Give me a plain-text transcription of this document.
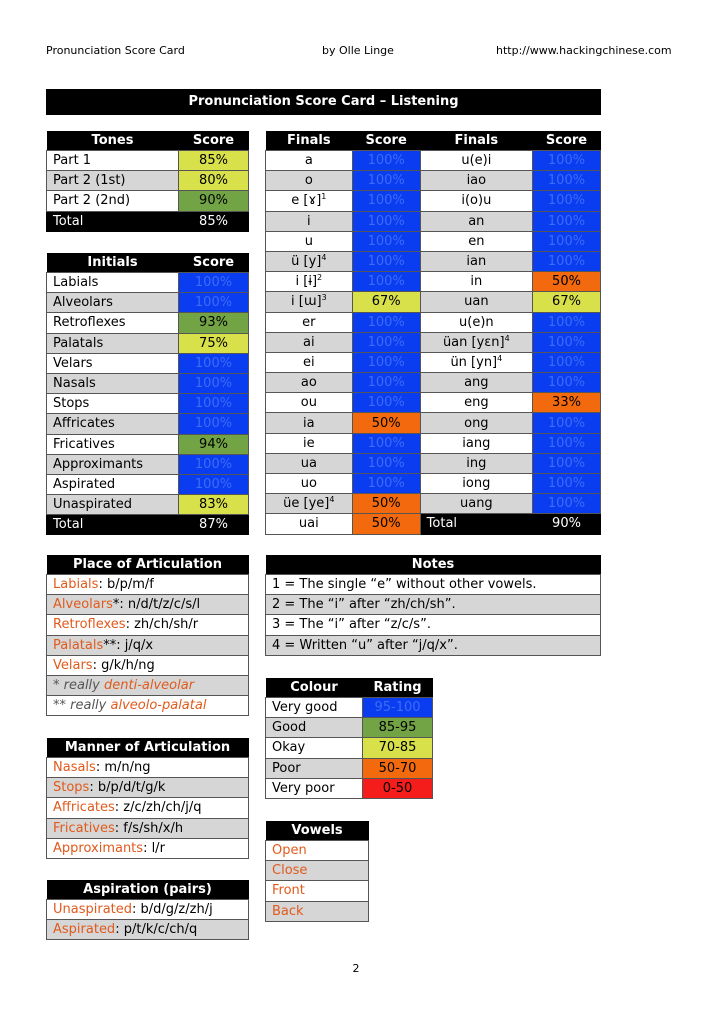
Pronunciation Score Card	by Olle Linge	http://www.hackingchinese.com
Pronunciation Score Card – Listening
Tones	Score
Part 1	85%
Part 2 (1st)	80%
Part 2 (2nd)	90%
Total	85%
Initials	Score
Labials	100%
Alveolars	100%
Retroflexes	93%
Palatals	75%
Velars	100%
Nasals	100%
Stops	100%
Affricates	100%
Fricatives	94%
Approximants	100%
Aspirated	100%
Unaspirated	83%
Total	87%
Finals	Score	Finals	Score
a	100%	u(e)i	100%
o	100%	iao	100%
e [ɤ]$^1$	100%	i(o)u	100%
i	100%	an	100%
u	100%	en	100%
ü $[y]^4$	100%	ian	100%
i [ɨ]$^2$	100%	in	50%
i [ɯ]$^3$	67%	uan	67%
er	100%	u(e)n	100%
ai	100%	üan [yɛn]$^4$	100%
ei	100%	ün [yn]$^4$	100%
ao	100%	ang	100%
ou	100%	eng	33%
ia	50%	ong	100%
ie	100%	iang	100%
ua	100%	ing	100%
uo	100%	iong	100%
üe [ye]$^4$	50%	uang	100%
uai	50%	Total	90%
Place of Articulation
Labials: b/p/m/f
Alveolars*: n/d/t/z/c/s/l
Retroflexes: zh/ch/sh/r
Palatals**: j/q/x
Velars: g/k/h/ng
* really denti-alveolar
** really alveolo-palatal
Manner of Articulation
Nasals: m/n/ng
Stops: b/p/d/t/g/k
Affricates: z/c/zh/ch/j/q
Fricatives: f/s/sh/x/h
Approximants: l/r
Aspiration (pairs)
Unaspirated: b/d/g/z/zh/j
Aspirated: p/t/k/c/ch/q
Notes
1 = The single “e” without other vowels.
2 = The “i” after “zh/ch/sh”.
3 = The “i” after “z/c/s”.
4 = Written “u” after “j/q/x”.
Colour	Rating
Very good	95-100
Good	85-95
Okay	70-85
Poor	50-70
Very poor	0-50
Vowels
Open
Close
Front
Back
2
